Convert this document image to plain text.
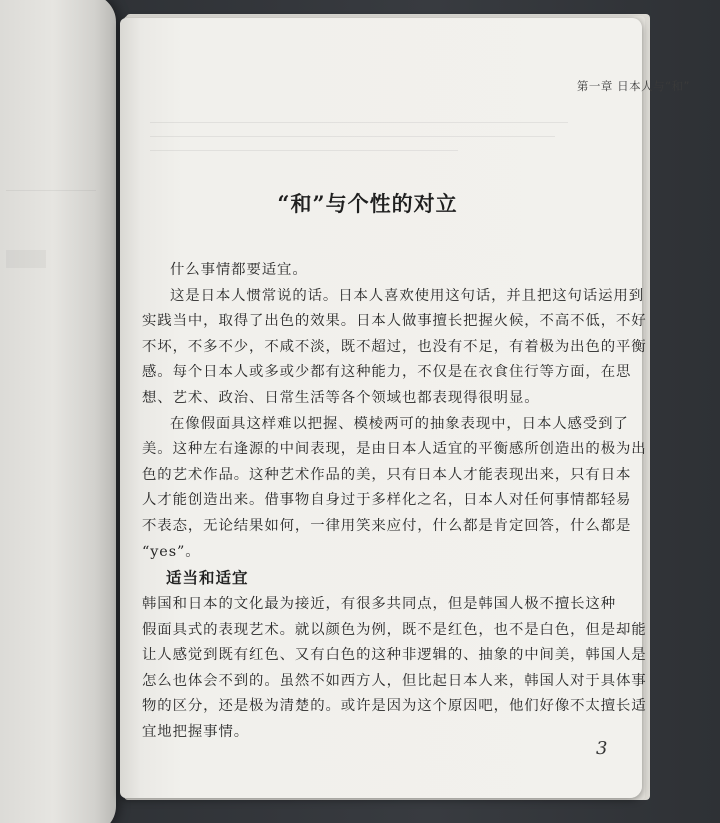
第一章 日本人与“和”
“和”与个性的对立
什么事情都要适宜。
这是日本人惯常说的话。日本人喜欢使用这句话，并且把这句话运用到
实践当中，取得了出色的效果。日本人做事擅长把握火候，不高不低，不好
不坏，不多不少，不咸不淡，既不超过，也没有不足，有着极为出色的平衡
感。每个日本人或多或少都有这种能力，不仅是在衣食住行等方面，在思
想、艺术、政治、日常生活等各个领域也都表现得很明显。
在像假面具这样难以把握、模棱两可的抽象表现中，日本人感受到了
美。这种左右逢源的中间表现，是由日本人适宜的平衡感所创造出的极为出
色的艺术作品。这种艺术作品的美，只有日本人才能表现出来，只有日本
人才能创造出来。借事物自身过于多样化之名，日本人对任何事情都轻易
不表态，无论结果如何，一律用笑来应付，什么都是肯定回答，什么都是
“yes”。
适当和适宜
韩国和日本的文化最为接近，有很多共同点，但是韩国人极不擅长这种
假面具式的表现艺术。就以颜色为例，既不是红色，也不是白色，但是却能
让人感觉到既有红色、又有白色的这种非逻辑的、抽象的中间美，韩国人是
怎么也体会不到的。虽然不如西方人，但比起日本人来，韩国人对于具体事
物的区分，还是极为清楚的。或许是因为这个原因吧，他们好像不太擅长适
宜地把握事情。
3
